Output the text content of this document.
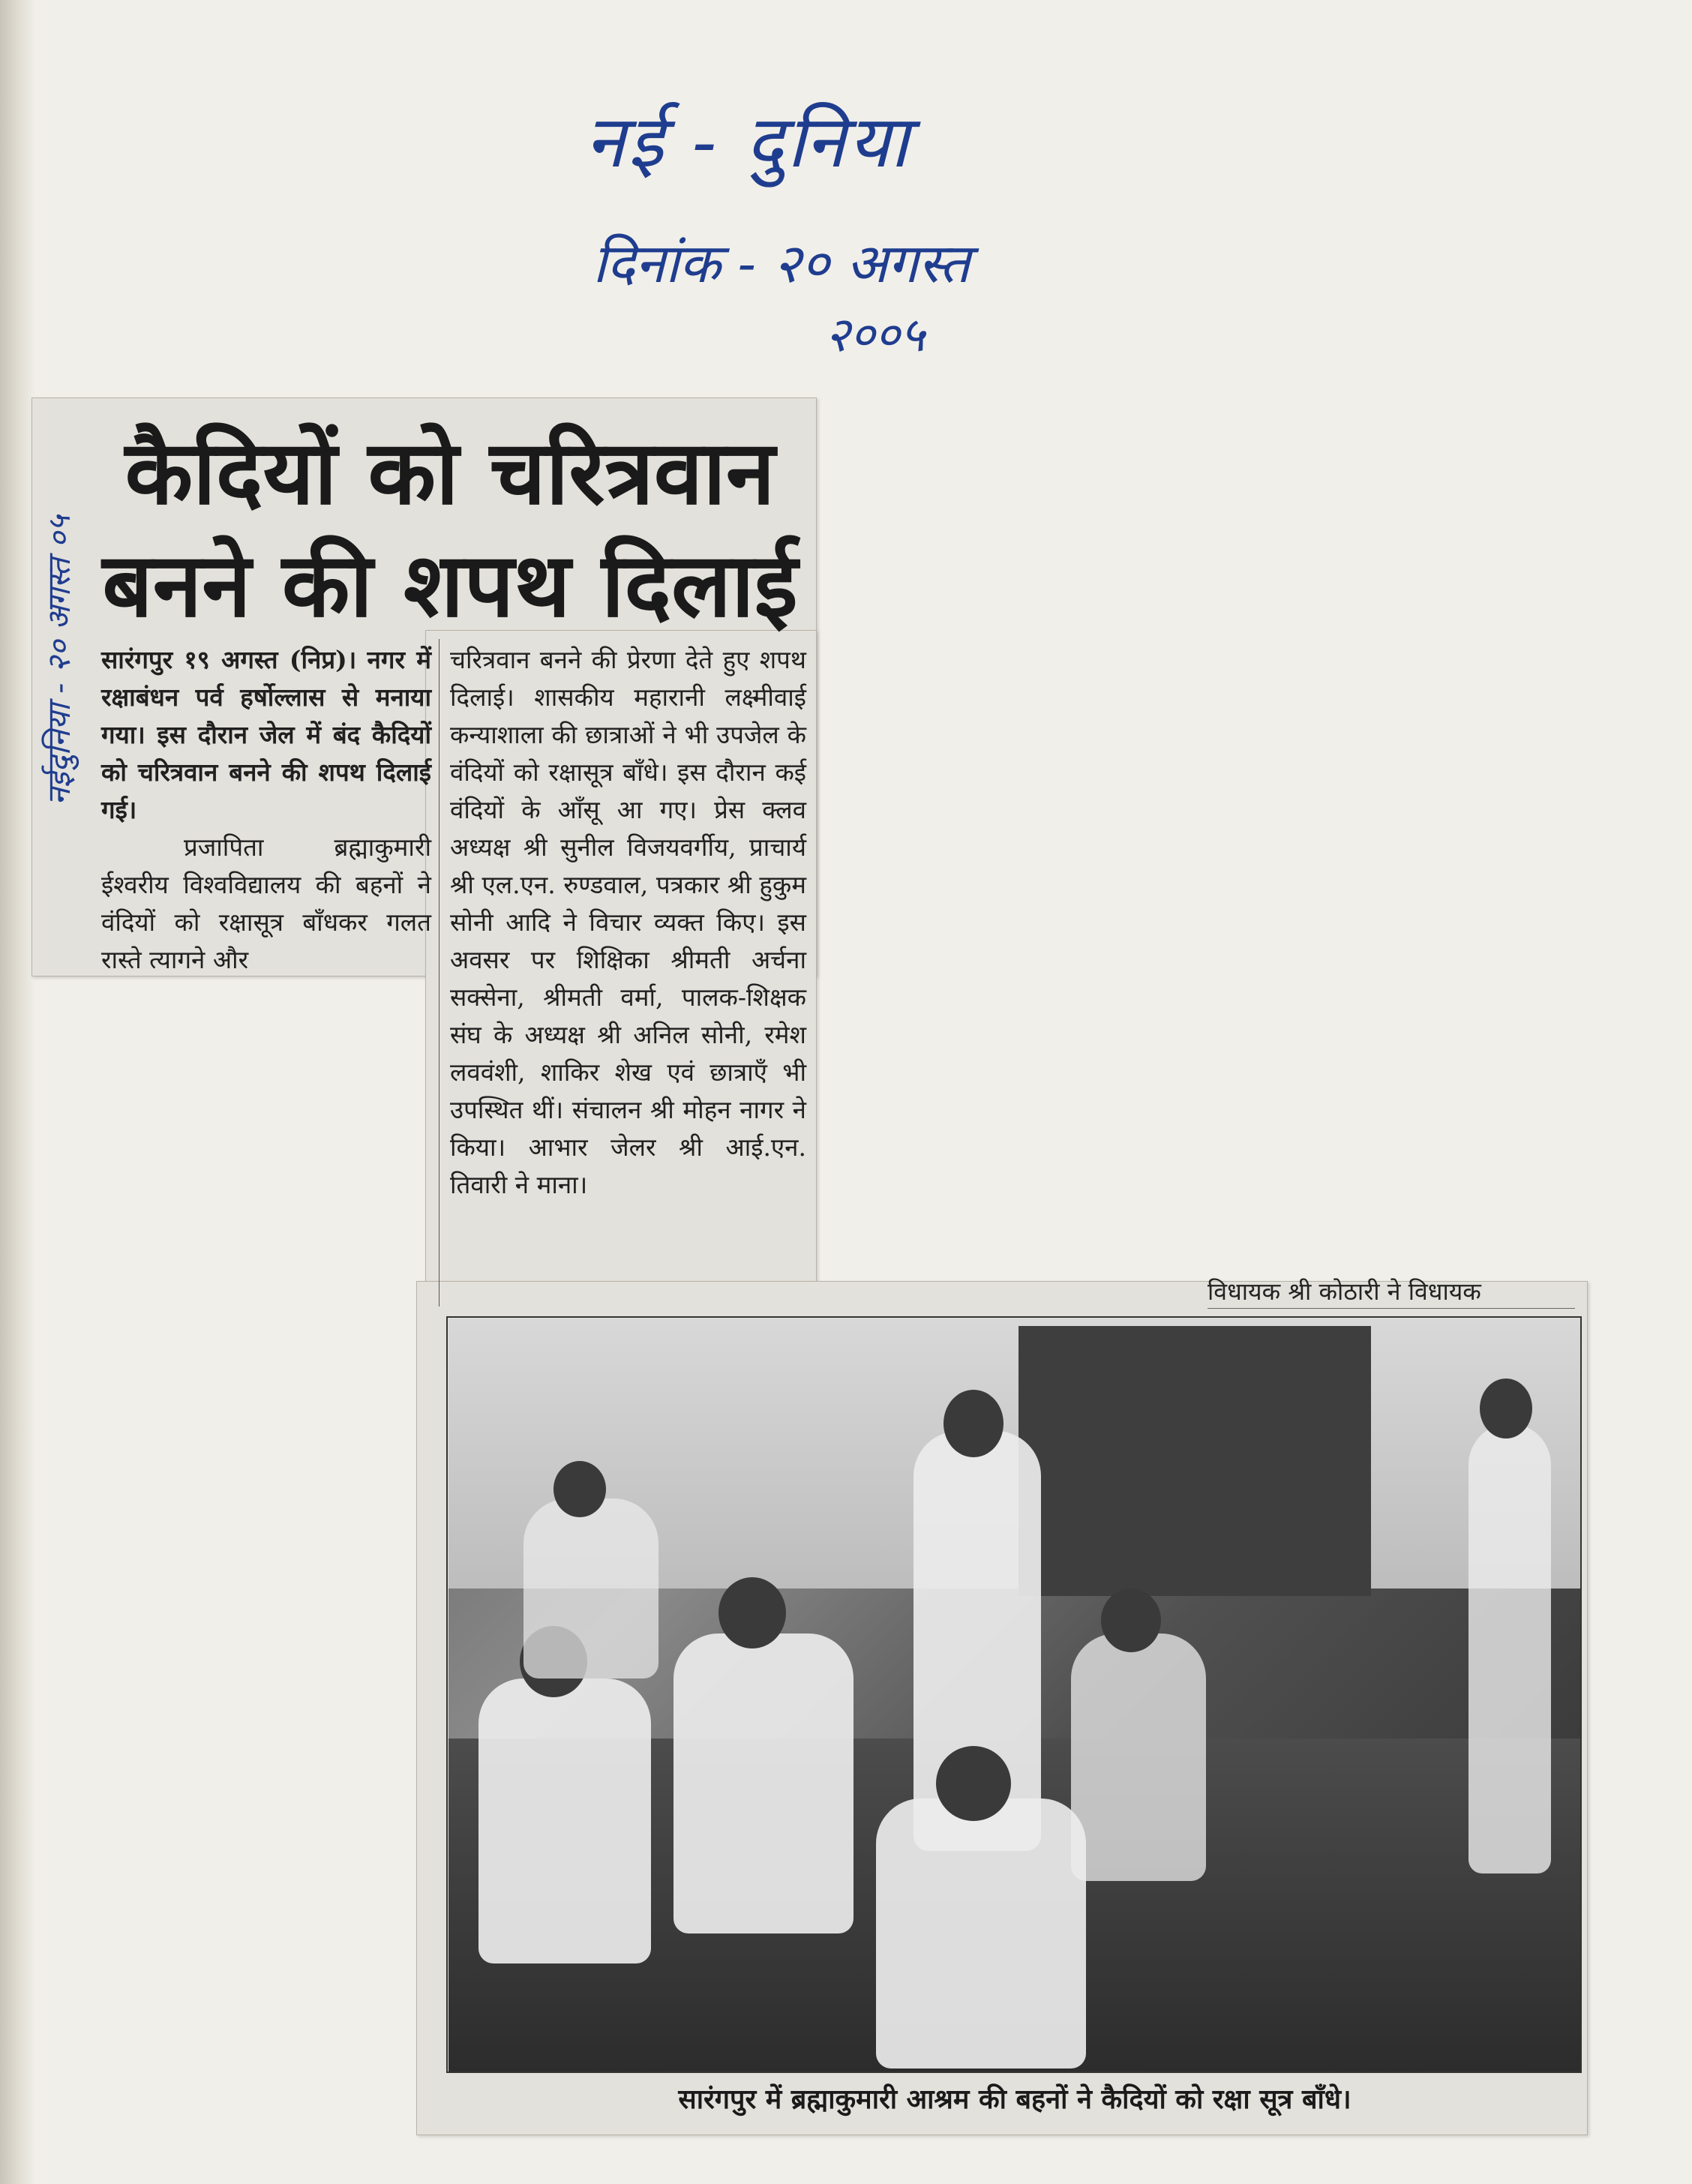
नई - दुनिया
दिनांक - २० अगस्त
२००५
नईदुनिया - २० अगस्त ०५
कैदियों को चरित्रवान
बनने की शपथ दिलाई

सारंगपुर १९ अगस्त (निप्र)। नगर में रक्षाबंधन पर्व हर्षोल्लास से मनाया गया। इस दौरान जेल में बंद कैदियों को चरित्रवान बनने की शपथ दिलाई गई।

प्रजापिता ब्रह्माकुमारी ईश्वरीय विश्वविद्यालय की बहनों ने वंदियों को रक्षासूत्र बाँधकर गलत रास्ते त्यागने और

चरित्रवान बनने की प्रेरणा देते हुए शपथ दिलाई। शासकीय महारानी लक्ष्मीवाई कन्याशाला की छात्राओं ने भी उपजेल के वंदियों को रक्षासूत्र बाँधे। इस दौरान कई वंदियों के आँसू आ गए। प्रेस क्लव अध्यक्ष श्री सुनील विजयवर्गीय, प्राचार्य श्री एल.एन. रुण्डवाल, पत्रकार श्री हुकुम सोनी आदि ने विचार व्यक्त किए। इस अवसर पर शिक्षिका श्रीमती अर्चना सक्सेना, श्रीमती वर्मा, पालक-शिक्षक संघ के अध्यक्ष श्री अनिल सोनी, रमेश लववंशी, शाकिर शेख एवं छात्राएँ भी उपस्थित थीं। संचालन श्री मोहन नागर ने किया। आभार जेलर श्री आई.एन. तिवारी ने माना।

विधायक श्री कोठारी ने विधायक
सारंगपुर में ब्रह्माकुमारी आश्रम की बहनों ने कैदियों को रक्षा सूत्र बाँधे।
